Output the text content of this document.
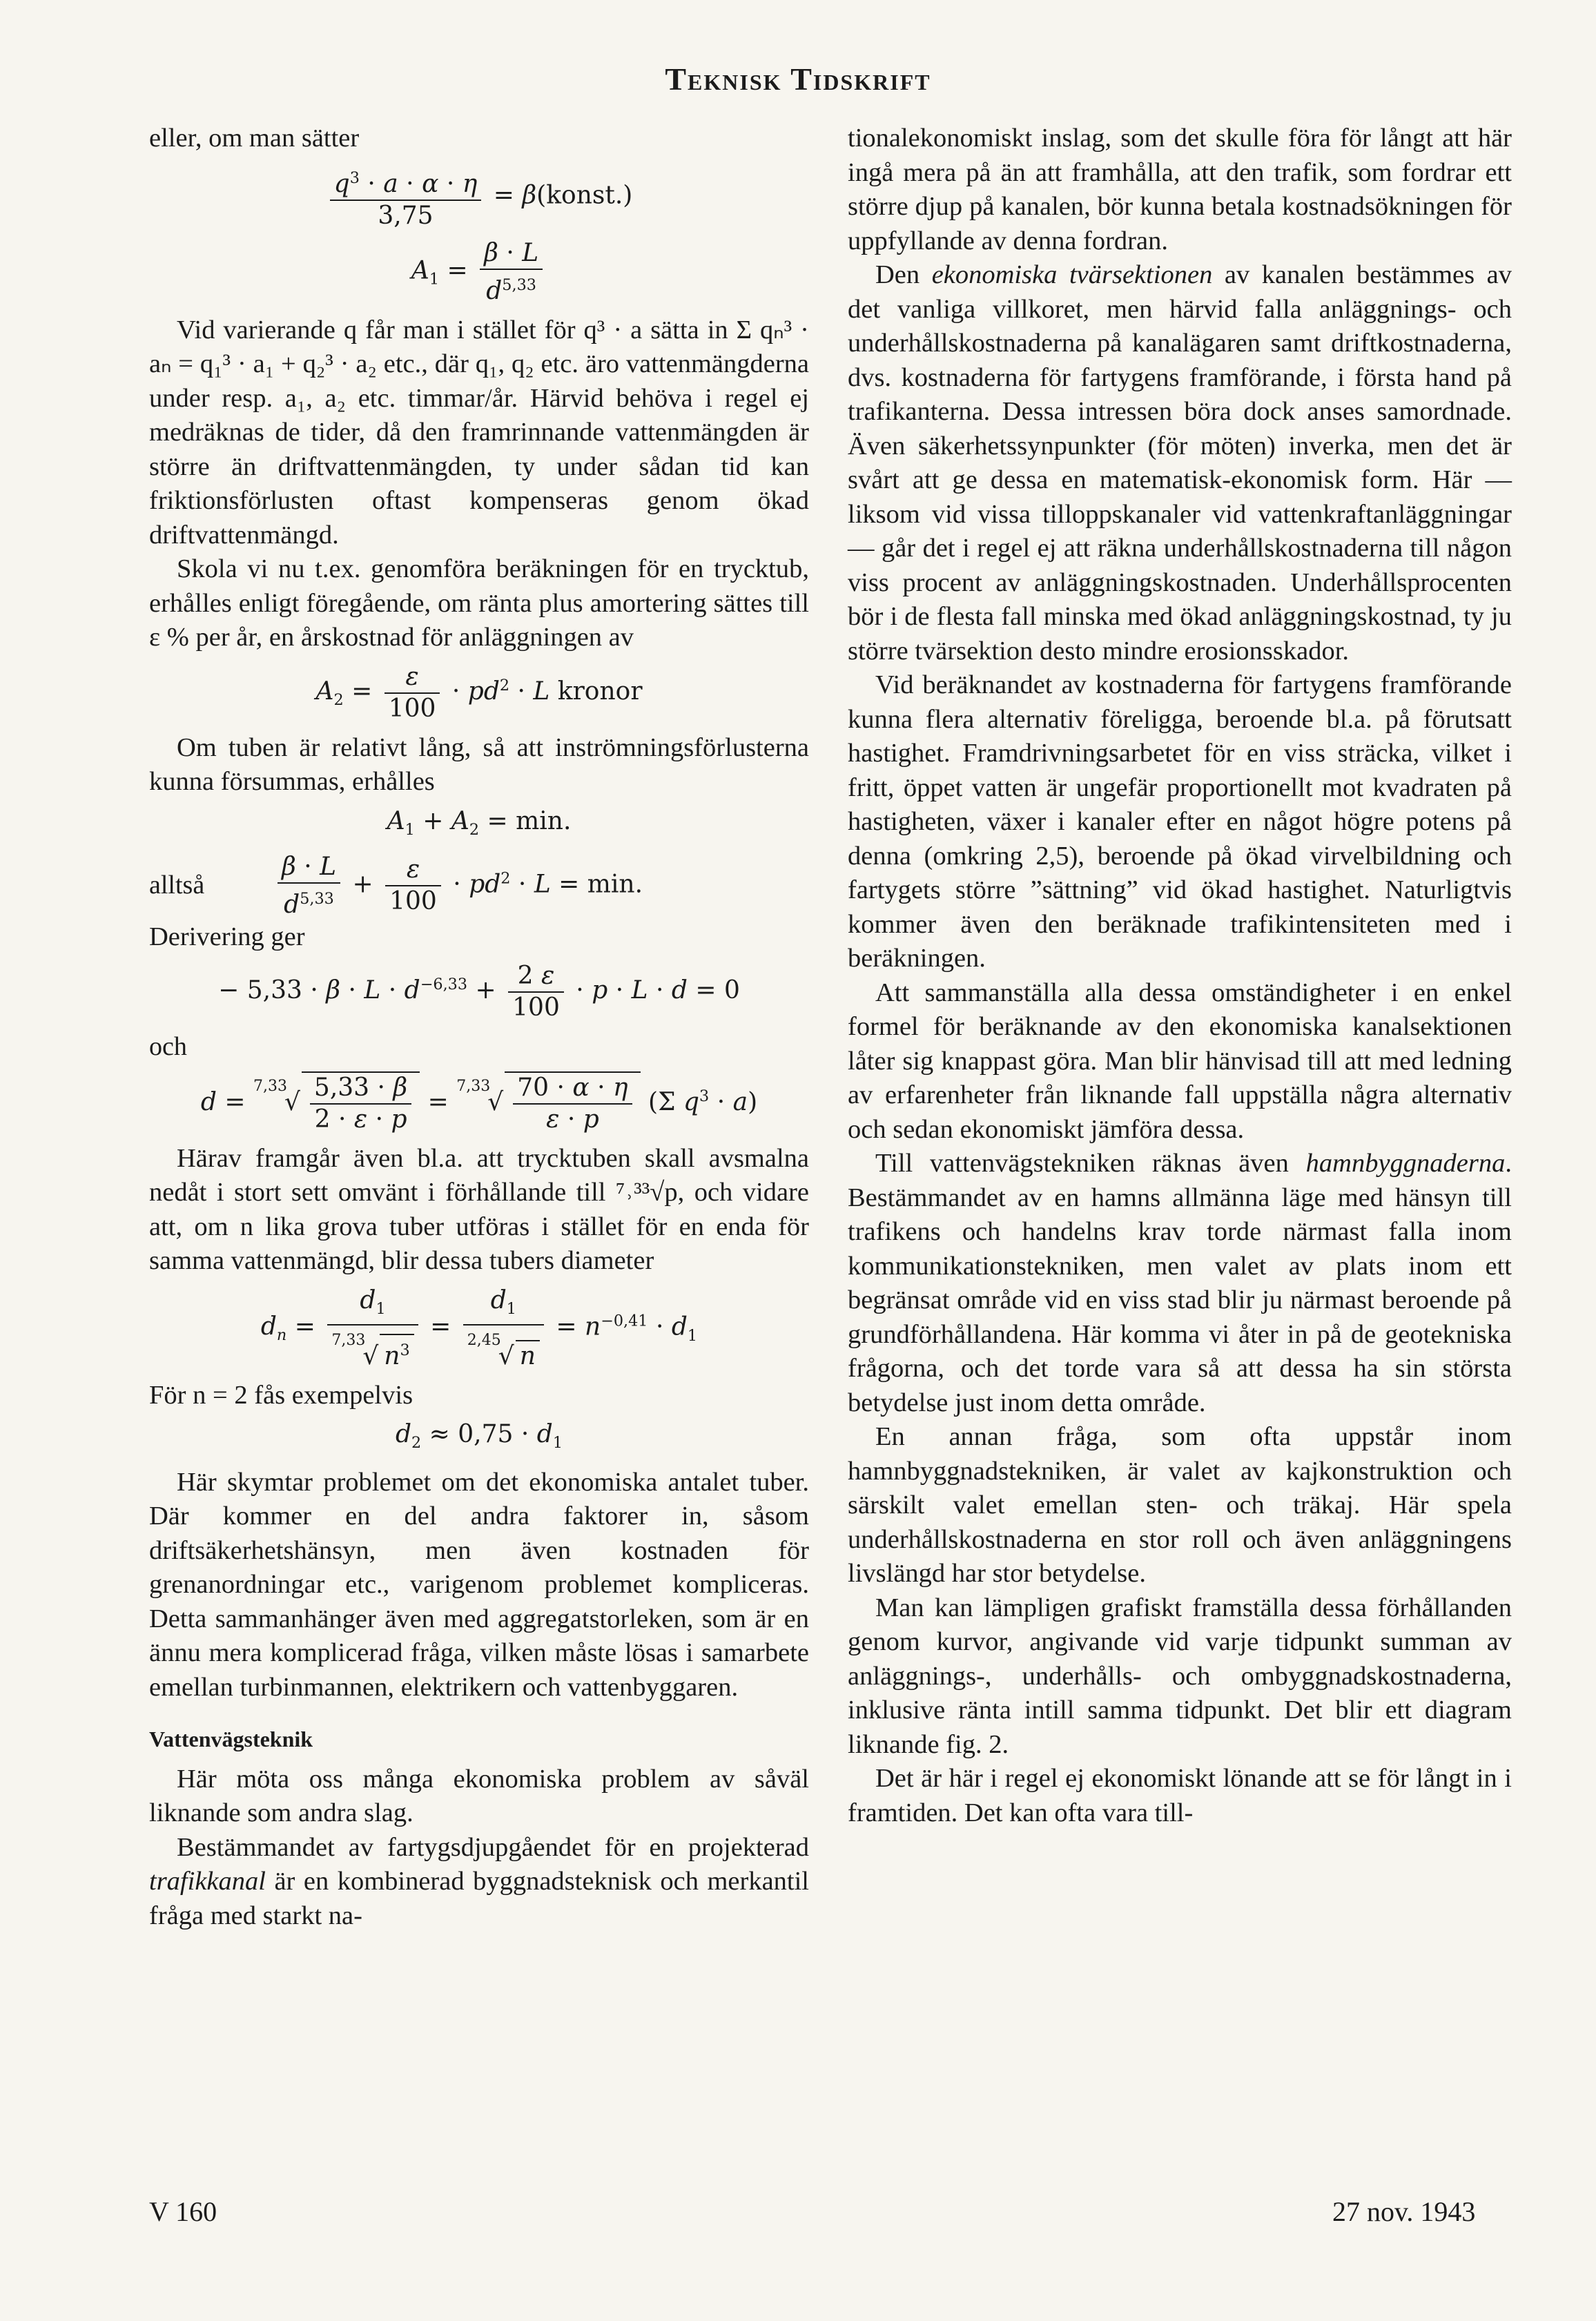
Teknisk Tidskrift

eller, om man sätter

$\frac{q^3 \cdot a \cdot \alpha \cdot \eta}{3,75}$ = β(konst.)
$A_1 = \frac{\beta \cdot L}{d^{5,33}}$

Vid varierande q får man i stället för q³ · a sätta in Σ qₙ³ · aₙ = q₁³ · a₁ + q₂³ · a₂ etc., där q₁, q₂ etc. äro vattenmängderna under resp. a₁, a₂ etc. timmar/år. Härvid behöva i regel ej medräknas de tider, då den framrinnande vattenmängden är större än driftvattenmängden, ty under sådan tid kan friktionsförlusten oftast kompenseras genom ökad driftvattenmängd.

Skola vi nu t.ex. genomföra beräkningen för en trycktub, erhålles enligt föregående, om ränta plus amortering sättes till ε % per år, en årskostnad för anläggningen av

$A_2 = \frac{\varepsilon}{100} \cdot pd^2 \cdot L$ kronor

Om tuben är relativt lång, så att inströmningsförlusterna kunna försummas, erhålles

$A_1 + A_2 = \min$.
alltså	$\frac{\beta \cdot L}{d^{5,33}} + \frac{\varepsilon}{100} \cdot pd^2 \cdot L = \min$.

Derivering ger

− $5,33 \cdot \beta \cdot L \cdot d^{-6,33} + \frac{2 \varepsilon}{100} \cdot p \cdot L \cdot d = 0$
och
$d = ^{7,33}√ \frac{5,33 \cdot \beta}{2 \cdot \varepsilon \cdot p} = ^{7,33}√ \frac{70 \cdot \alpha \cdot \eta}{\varepsilon \cdot p} (\Sigma$ $q^3 \cdot a$)

Härav framgår även bl.a. att trycktuben skall avsmalna nedåt i stort sett omvänt i förhållande till ⁷˒³³√p, och vidare att, om n lika grova tuber utföras i stället för en enda för samma vattenmängd, blir dessa tubers diameter

$d_n = \frac{d_1}{^{7,33}√ n^3} = \frac{d_1}{^{2,45}√ n} = n^{-0,41} \cdot d_1$

För n = 2 fås exempelvis

$d_2 \approx 0,75 \cdot d_1$

Här skymtar problemet om det ekonomiska antalet tuber. Där kommer en del andra faktorer in, såsom driftsäkerhetshänsyn, men även kostnaden för grenanordningar etc., varigenom problemet kompliceras. Detta sammanhänger även med aggregatstorleken, som är en ännu mera komplicerad fråga, vilken måste lösas i samarbete emellan turbinmannen, elektrikern och vattenbyggaren.

Vattenvägsteknik

Här möta oss många ekonomiska problem av såväl liknande som andra slag.

Bestämmandet av fartygsdjupgåendet för en projekterad trafikkanal är en kombinerad byggnadsteknisk och merkantil fråga med starkt na-

tionalekonomiskt inslag, som det skulle föra för långt att här ingå mera på än att framhålla, att den trafik, som fordrar ett större djup på kanalen, bör kunna betala kostnadsökningen för uppfyllande av denna fordran.

Den ekonomiska tvärsektionen av kanalen bestämmes av det vanliga villkoret, men härvid falla anläggnings- och underhållskostnaderna på kanalägaren samt driftkostnaderna, dvs. kostnaderna för fartygens framförande, i första hand på trafikanterna. Dessa intressen böra dock anses samordnade. Även säkerhetssynpunkter (för möten) inverka, men det är svårt att ge dessa en matematisk-ekonomisk form. Här — liksom vid vissa tilloppskanaler vid vattenkraftanläggningar — går det i regel ej att räkna underhållskostnaderna till någon viss procent av anläggningskostnaden. Underhållsprocenten bör i de flesta fall minska med ökad anläggningskostnad, ty ju större tvärsektion desto mindre erosionsskador.

Vid beräknandet av kostnaderna för fartygens framförande kunna flera alternativ föreligga, beroende bl.a. på förutsatt hastighet. Framdrivningsarbetet för en viss sträcka, vilket i fritt, öppet vatten är ungefär proportionellt mot kvadraten på hastigheten, växer i kanaler efter en något högre potens på denna (omkring 2,5), beroende på ökad virvelbildning och fartygets större ”sättning” vid ökad hastighet. Naturligtvis kommer även den beräknade trafikintensiteten med i beräkningen.

Att sammanställa alla dessa omständigheter i en enkel formel för beräknande av den ekonomiska kanalsektionen låter sig knappast göra. Man blir hänvisad till att med ledning av erfarenheter från liknande fall uppställa några alternativ och sedan ekonomiskt jämföra dessa.

Till vattenvägstekniken räknas även hamnbyggnaderna. Bestämmandet av en hamns allmänna läge med hänsyn till trafikens och handelns krav torde närmast falla inom kommunikationstekniken, men valet av plats inom ett begränsat område vid en viss stad blir ju närmast beroende på grundförhållandena. Här komma vi åter in på de geotekniska frågorna, och det torde vara så att dessa ha sin största betydelse just inom detta område.

En annan fråga, som ofta uppstår inom hamnbyggnadstekniken, är valet av kajkonstruktion och särskilt valet emellan sten- och träkaj. Här spela underhållskostnaderna en stor roll och även anläggningens livslängd har stor betydelse.

Man kan lämpligen grafiskt framställa dessa förhållanden genom kurvor, angivande vid varje tidpunkt summan av anläggnings-, underhålls- och ombyggnadskostnaderna, inklusive ränta intill samma tidpunkt. Det blir ett diagram liknande fig. 2.

Det är här i regel ej ekonomiskt lönande att se för långt in i framtiden. Det kan ofta vara till-

V 160	27 nov. 1943
